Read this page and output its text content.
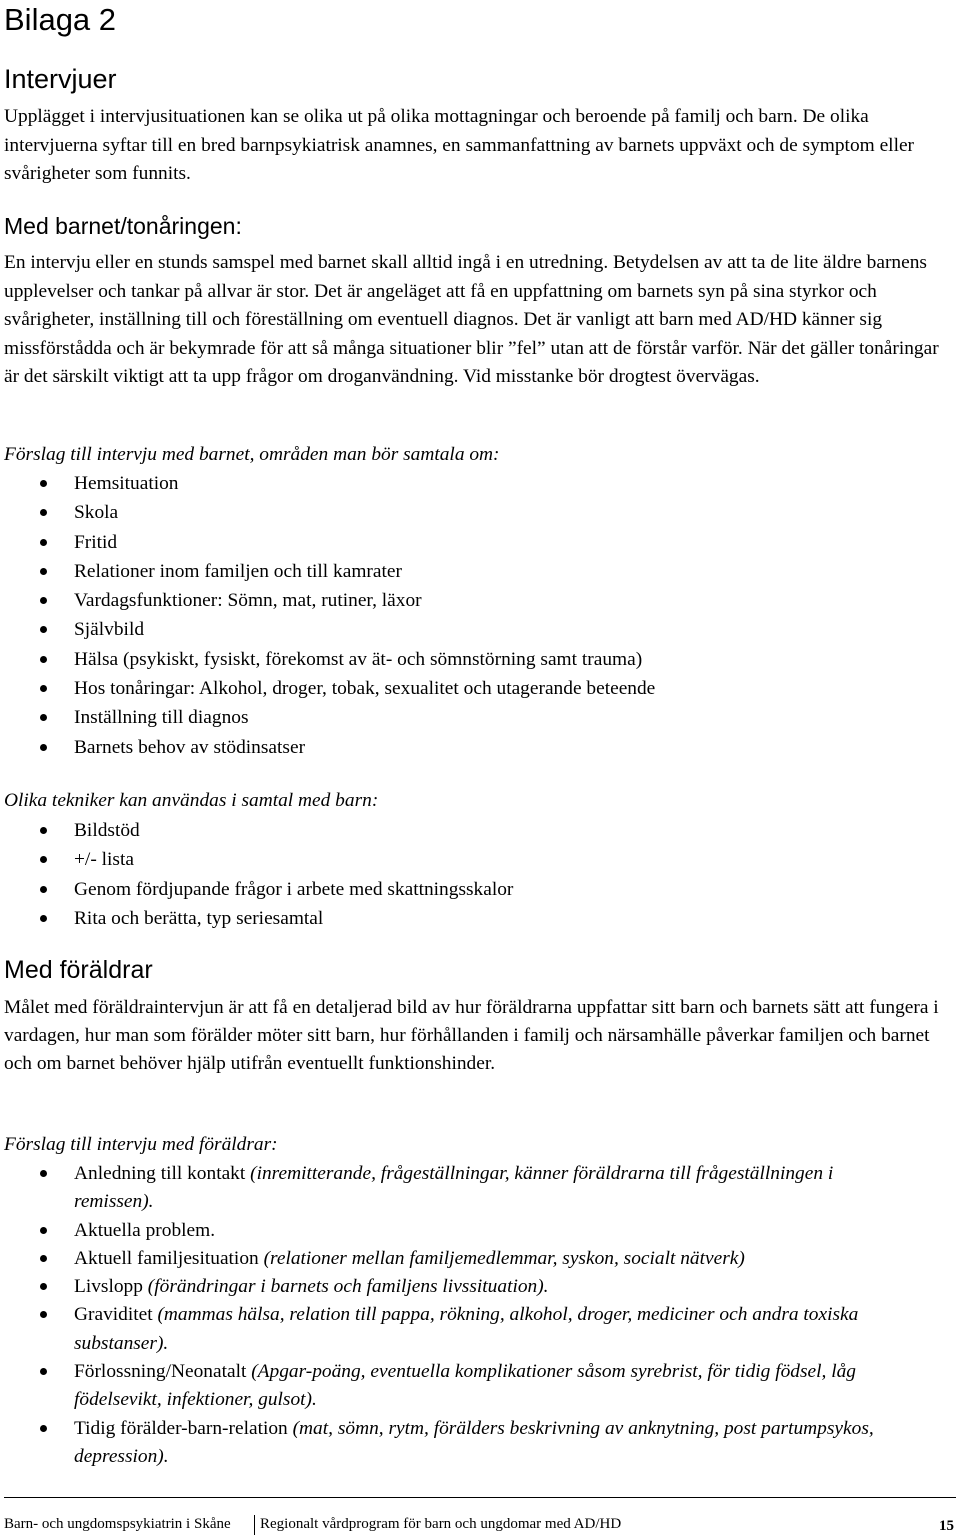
Bilaga 2
Intervjuer

Upplägget i intervjusituationen kan se olika ut på olika mottagningar och beroende på familj och barn. De olika intervjuerna syftar till en bred barnpsykiatrisk anamnes, en sammanfattning av barnets uppväxt och de symptom eller svårigheter som funnits.

Med barnet/tonåringen:

En intervju eller en stunds samspel med barnet skall alltid ingå i en utredning. Betydelsen av att ta de lite äldre barnens upplevelser och tankar på allvar är stor. Det är angeläget att få en uppfattning om barnets syn på sina styrkor och svårigheter, inställning till och föreställning om eventuell diagnos. Det är vanligt att barn med AD/HD känner sig missförstådda och är bekymrade för att så många situationer blir ”fel” utan att de förstår varför. När det gäller tonåringar är det särskilt viktigt att ta upp frågor om droganvändning. Vid misstanke bör drogtest övervägas.

Förslag till intervju med barnet, områden man bör samtala om:
Hemsituation
Skola
Fritid
Relationer inom familjen och till kamrater
Vardagsfunktioner: Sömn, mat, rutiner, läxor
Självbild
Hälsa (psykiskt, fysiskt, förekomst av ät- och sömnstörning samt trauma)
Hos tonåringar: Alkohol, droger, tobak, sexualitet och utagerande beteende
Inställning till diagnos
Barnets behov av stödinsatser
Olika tekniker kan användas i samtal med barn:
Bildstöd
+/- lista
Genom fördjupande frågor i arbete med skattningsskalor
Rita och berätta, typ seriesamtal
Med föräldrar

Målet med föräldraintervjun är att få en detaljerad bild av hur föräldrarna uppfattar sitt barn och barnets sätt att fungera i vardagen, hur man som förälder möter sitt barn, hur förhållanden i familj och närsamhälle påverkar familjen och barnet och om barnet behöver hjälp utifrån eventuellt funktionshinder.

Förslag till intervju med föräldrar:
Anledning till kontakt (inremitterande, frågeställningar, känner föräldrarna till frågeställningen i remissen).
Aktuella problem.
Aktuell familjesituation (relationer mellan familjemedlemmar, syskon, socialt nätverk)
Livslopp (förändringar i barnets och familjens livssituation).
Graviditet (mammas hälsa, relation till pappa, rökning, alkohol, droger, mediciner och andra toxiska substanser).
Förlossning/Neonatalt (Apgar-poäng, eventuella komplikationer såsom syrebrist, för tidig födsel, låg födelsevikt, infektioner, gulsot).
Tidig förälder-barn-relation (mat, sömn, rytm, förälders beskrivning av anknytning, post partumpsykos, depression).
Barn- och ungdomspsykiatrin i Skåne Regionalt vårdprogram för barn och ungdomar med AD/HD	15
